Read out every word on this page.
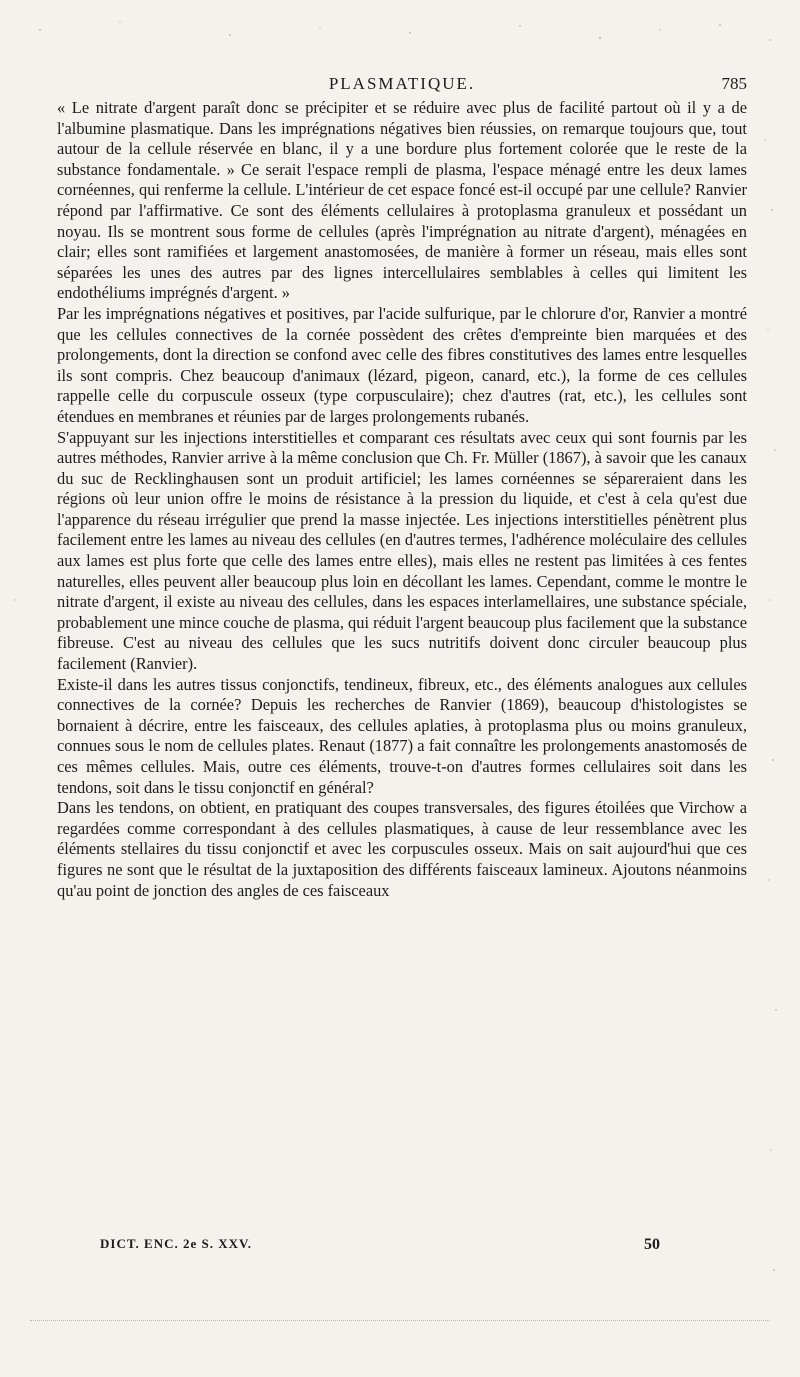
PLASMATIQUE.	785

« Le nitrate d'argent paraît donc se précipiter et se réduire avec plus de facilité partout où il y a de l'albumine plasmatique. Dans les imprégnations négatives bien réussies, on remarque toujours que, tout autour de la cellule réservée en blanc, il y a une bordure plus fortement colorée que le reste de la substance fondamentale. » Ce serait l'espace rempli de plasma, l'espace ménagé entre les deux lames cornéennes, qui renferme la cellule. L'intérieur de cet espace foncé est-il occupé par une cellule? Ranvier répond par l'affirmative. Ce sont des éléments cellulaires à protoplasma granuleux et possédant un noyau. Ils se montrent sous forme de cellules (après l'imprégnation au nitrate d'argent), ménagées en clair; elles sont ramifiées et largement anastomosées, de manière à former un réseau, mais elles sont séparées les unes des autres par des lignes intercellulaires semblables à celles qui limitent les endothéliums imprégnés d'argent. »

Par les imprégnations négatives et positives, par l'acide sulfurique, par le chlorure d'or, Ranvier a montré que les cellules connectives de la cornée possèdent des crêtes d'empreinte bien marquées et des prolongements, dont la direction se confond avec celle des fibres constitutives des lames entre lesquelles ils sont compris. Chez beaucoup d'animaux (lézard, pigeon, canard, etc.), la forme de ces cellules rappelle celle du corpuscule osseux (type corpusculaire); chez d'autres (rat, etc.), les cellules sont étendues en membranes et réunies par de larges prolongements rubanés.

S'appuyant sur les injections interstitielles et comparant ces résultats avec ceux qui sont fournis par les autres méthodes, Ranvier arrive à la même conclusion que Ch. Fr. Müller (1867), à savoir que les canaux du suc de Recklinghausen sont un produit artificiel; les lames cornéennes se sépareraient dans les régions où leur union offre le moins de résistance à la pression du liquide, et c'est à cela qu'est due l'apparence du réseau irrégulier que prend la masse injectée. Les injections interstitielles pénètrent plus facilement entre les lames au niveau des cellules (en d'autres termes, l'adhérence moléculaire des cellules aux lames est plus forte que celle des lames entre elles), mais elles ne restent pas limitées à ces fentes naturelles, elles peuvent aller beaucoup plus loin en décollant les lames. Cependant, comme le montre le nitrate d'argent, il existe au niveau des cellules, dans les espaces interlamellaires, une substance spéciale, probablement une mince couche de plasma, qui réduit l'argent beaucoup plus facilement que la substance fibreuse. C'est au niveau des cellules que les sucs nutritifs doivent donc circuler beaucoup plus facilement (Ranvier).

Existe-il dans les autres tissus conjonctifs, tendineux, fibreux, etc., des éléments analogues aux cellules connectives de la cornée? Depuis les recherches de Ranvier (1869), beaucoup d'histologistes se bornaient à décrire, entre les faisceaux, des cellules aplaties, à protoplasma plus ou moins granuleux, connues sous le nom de cellules plates. Renaut (1877) a fait connaître les prolongements anastomosés de ces mêmes cellules. Mais, outre ces éléments, trouve-t-on d'autres formes cellulaires soit dans les tendons, soit dans le tissu conjonctif en général?

Dans les tendons, on obtient, en pratiquant des coupes transversales, des figures étoilées que Virchow a regardées comme correspondant à des cellules plasmatiques, à cause de leur ressemblance avec les éléments stellaires du tissu conjonctif et avec les corpuscules osseux. Mais on sait aujourd'hui que ces figures ne sont que le résultat de la juxtaposition des différents faisceaux lamineux. Ajoutons néanmoins qu'au point de jonction des angles de ces faisceaux

DICT. ENC. 2e S. XXV.	50
